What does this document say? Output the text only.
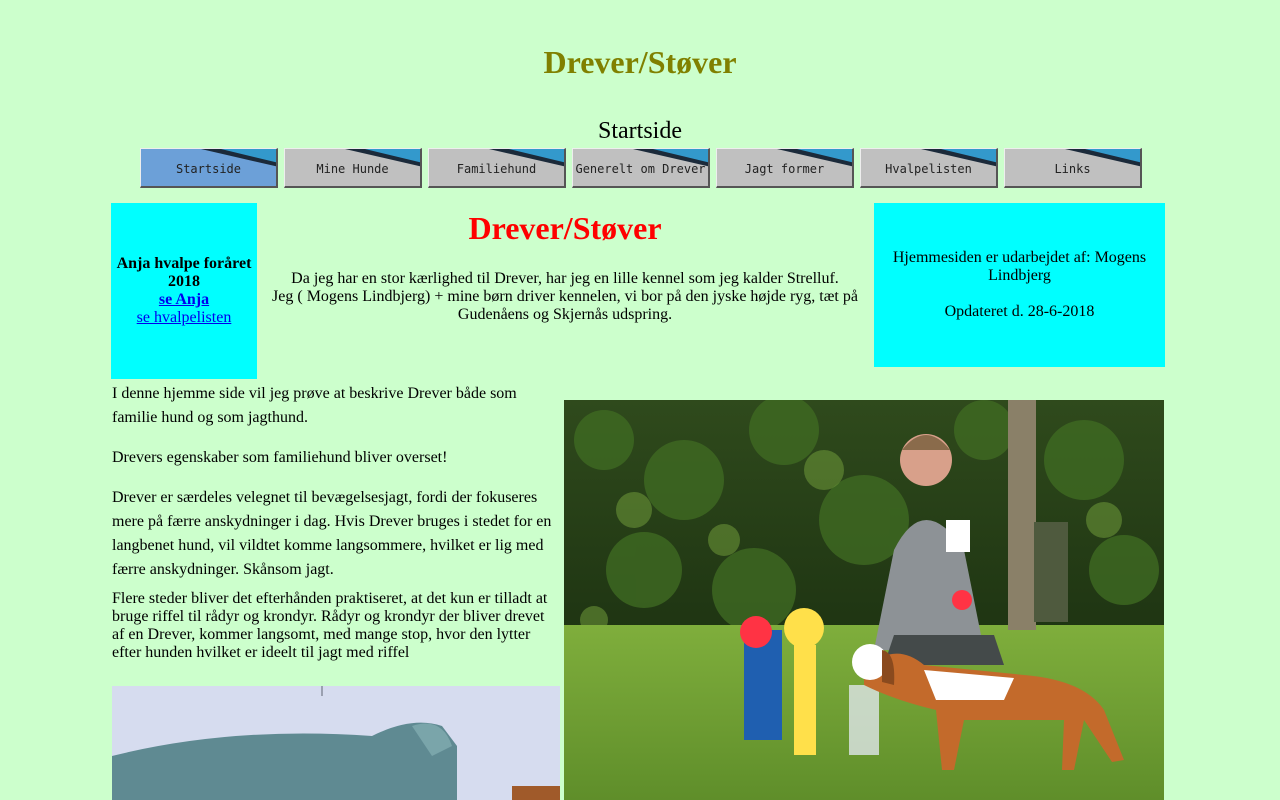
Drever/Støver
Startside
Startside	Mine Hunde	Familiehund	Generelt om Drever	Jagt former	Hvalpelisten	Links
Anja hvalpe foråret 2018
se Anja
se hvalpelisten
Drever/Støver
Da jeg har en stor kærlighed til Drever, har jeg en lille kennel som jeg kalder Strelluf.
Jeg ( Mogens Lindbjerg) + mine børn driver kennelen, vi bor på den jyske højde ryg, tæt på Gudenåens og Skjernås udspring.
Hjemmesiden er udarbejdet af: Mogens Lindbjerg
Opdateret d. 28-6-2018

I denne hjemme side vil jeg prøve at beskrive Drever både som familie hund og som jagthund.

Drevers egenskaber som familiehund bliver overset!

Drever er særdeles velegnet til bevægelsesjagt, fordi der fokuseres mere på færre anskydninger i dag. Hvis Drever bruges i stedet for en langbenet hund, vil vildtet komme langsommere, hvilket er lig med færre anskydninger. Skånsom jagt.

Flere steder bliver det efterhånden praktiseret, at det kun er tilladt at bruge riffel til rådyr og krondyr. Rådyr og krondyr der bliver drevet af en Drever, kommer langsomt, med mange stop, hvor den lytter efter hunden hvilket er ideelt til jagt med riffel
